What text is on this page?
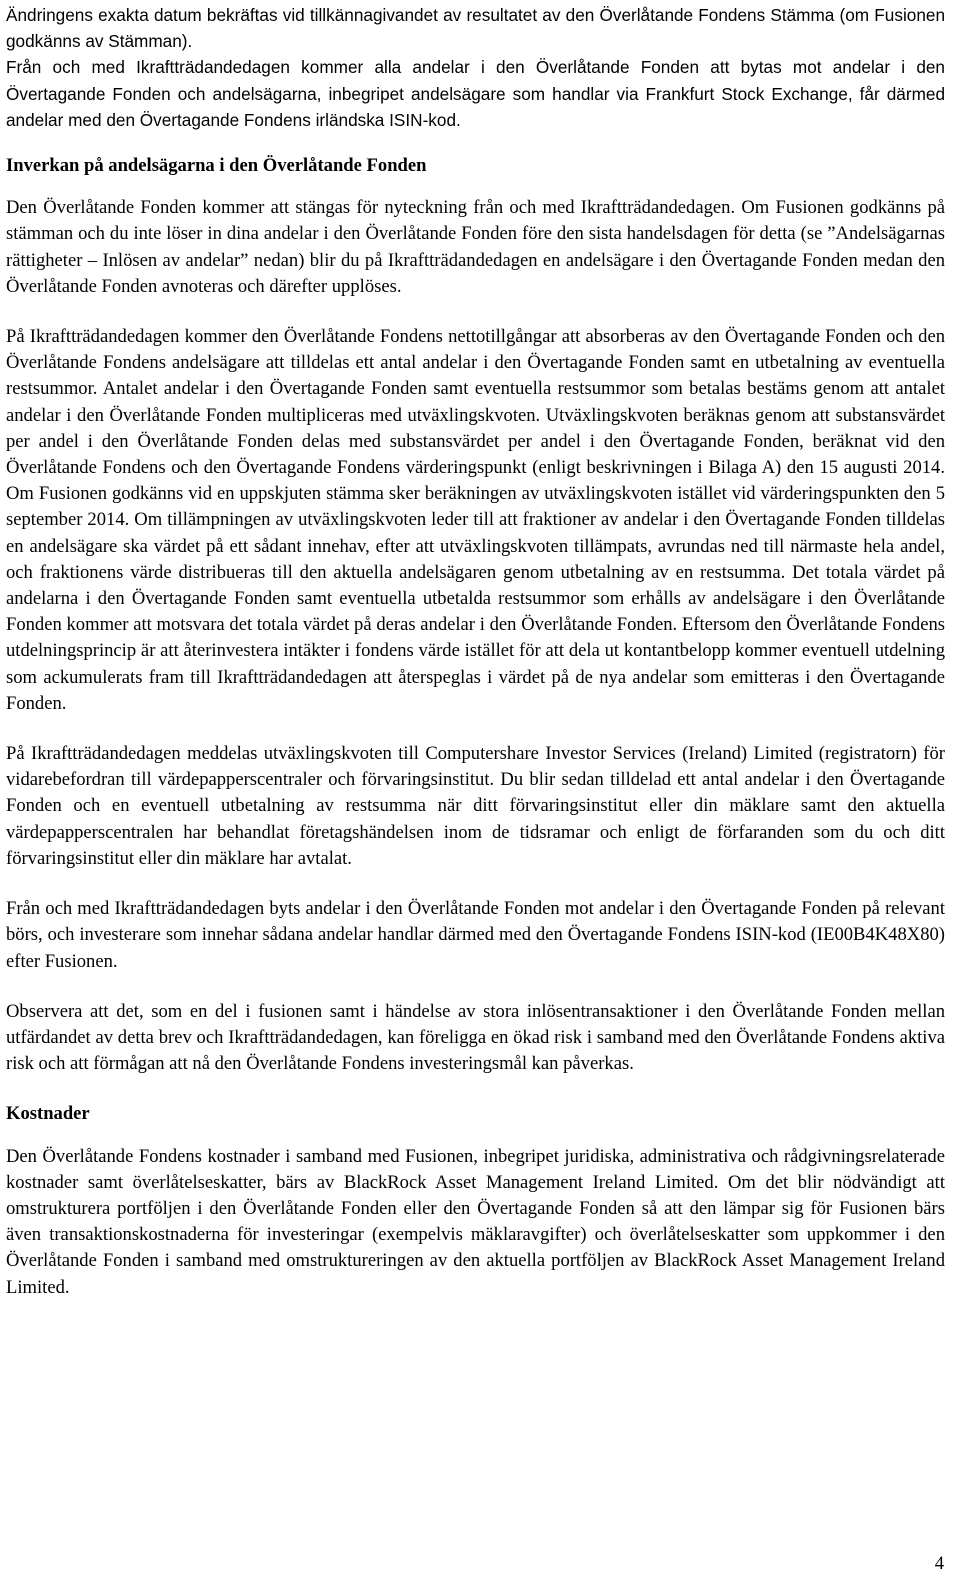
Ändringens exakta datum bekräftas vid tillkännagivandet av resultatet av den Överlåtande Fondens Stämma (om Fusionen godkänns av Stämman).

Från och med Ikraftträdandedagen kommer alla andelar i den Överlåtande Fonden att bytas mot andelar i den Övertagande Fonden och andelsägarna, inbegripet andelsägare som handlar via Frankfurt Stock Exchange, får därmed andelar med den Övertagande Fondens irländska ISIN-kod.

Inverkan på andelsägarna i den Överlåtande Fonden

Den Överlåtande Fonden kommer att stängas för nyteckning från och med Ikraftträdandedagen. Om Fusionen godkänns på stämman och du inte löser in dina andelar i den Överlåtande Fonden före den sista handelsdagen för detta (se ”Andelsägarnas rättigheter – Inlösen av andelar” nedan) blir du på Ikraftträdandedagen en andelsägare i den Övertagande Fonden medan den Överlåtande Fonden avnoteras och därefter upplöses.

På Ikraftträdandedagen kommer den Överlåtande Fondens nettotillgångar att absorberas av den Övertagande Fonden och den Överlåtande Fondens andelsägare att tilldelas ett antal andelar i den Övertagande Fonden samt en utbetalning av eventuella restsummor. Antalet andelar i den Övertagande Fonden samt eventuella restsummor som betalas bestäms genom att antalet andelar i den Överlåtande Fonden multipliceras med utväxlingskvoten. Utväxlingskvoten beräknas genom att substansvärdet per andel i den Överlåtande Fonden delas med substansvärdet per andel i den Övertagande Fonden, beräknat vid den Överlåtande Fondens och den Övertagande Fondens värderingspunkt (enligt beskrivningen i Bilaga A) den 15 augusti 2014. Om Fusionen godkänns vid en uppskjuten stämma sker beräkningen av utväxlingskvoten istället vid värderingspunkten den 5 september 2014. Om tillämpningen av utväxlingskvoten leder till att fraktioner av andelar i den Övertagande Fonden tilldelas en andelsägare ska värdet på ett sådant innehav, efter att utväxlingskvoten tillämpats, avrundas ned till närmaste hela andel, och fraktionens värde distribueras till den aktuella andelsägaren genom utbetalning av en restsumma. Det totala värdet på andelarna i den Övertagande Fonden samt eventuella utbetalda restsummor som erhålls av andelsägare i den Överlåtande Fonden kommer att motsvara det totala värdet på deras andelar i den Överlåtande Fonden. Eftersom den Överlåtande Fondens utdelningsprincip är att återinvestera intäkter i fondens värde istället för att dela ut kontantbelopp kommer eventuell utdelning som ackumulerats fram till Ikraftträdandedagen att återspeglas i värdet på de nya andelar som emitteras i den Övertagande Fonden.

På Ikraftträdandedagen meddelas utväxlingskvoten till Computershare Investor Services (Ireland) Limited (registratorn) för vidarebefordran till värdepapperscentraler och förvaringsinstitut. Du blir sedan tilldelad ett antal andelar i den Övertagande Fonden och en eventuell utbetalning av restsumma när ditt förvaringsinstitut eller din mäklare samt den aktuella värdepapperscentralen har behandlat företagshändelsen inom de tidsramar och enligt de förfaranden som du och ditt förvaringsinstitut eller din mäklare har avtalat.

Från och med Ikraftträdandedagen byts andelar i den Överlåtande Fonden mot andelar i den Övertagande Fonden på relevant börs, och investerare som innehar sådana andelar handlar därmed med den Övertagande Fondens ISIN-kod (IE00B4K48X80) efter Fusionen.

Observera att det, som en del i fusionen samt i händelse av stora inlösentransaktioner i den Överlåtande Fonden mellan utfärdandet av detta brev och Ikraftträdandedagen, kan föreligga en ökad risk i samband med den Överlåtande Fondens aktiva risk och att förmågan att nå den Överlåtande Fondens investeringsmål kan påverkas.

Kostnader

Den Överlåtande Fondens kostnader i samband med Fusionen, inbegripet juridiska, administrativa och rådgivningsrelaterade kostnader samt överlåtelseskatter, bärs av BlackRock Asset Management Ireland Limited. Om det blir nödvändigt att omstrukturera portföljen i den Överlåtande Fonden eller den Övertagande Fonden så att den lämpar sig för Fusionen bärs även transaktionskostnaderna för investeringar (exempelvis mäklaravgifter) och överlåtelseskatter som uppkommer i den Överlåtande Fonden i samband med omstruktureringen av den aktuella portföljen av BlackRock Asset Management Ireland Limited.

4
